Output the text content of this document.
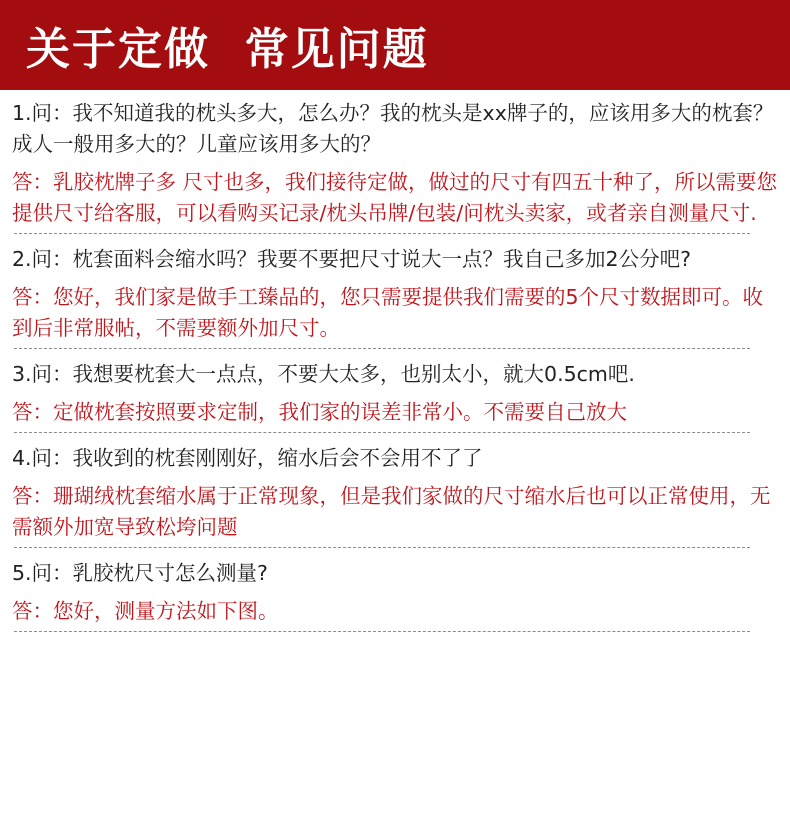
关于定做  常见问题

1.问：我不知道我的枕头多大，怎么办？我的枕头是xx牌子的，应该用多大的枕套？成人一般用多大的？儿童应该用多大的？

答：乳胶枕牌子多 尺寸也多，我们接待定做，做过的尺寸有四五十种了，所以需要您提供尺寸给客服，可以看购买记录/枕头吊牌/包装/问枕头卖家，或者亲自测量尺寸.

2.问：枕套面料会缩水吗？我要不要把尺寸说大一点？我自己多加2公分吧?

答：您好，我们家是做手工臻品的，您只需要提供我们需要的5个尺寸数据即可。收到后非常服帖，不需要额外加尺寸。

3.问：我想要枕套大一点点，不要大太多，也别太小，就大0.5cm吧.

答：定做枕套按照要求定制，我们家的误差非常小。不需要自己放大

4.问：我收到的枕套刚刚好，缩水后会不会用不了了

答：珊瑚绒枕套缩水属于正常现象，但是我们家做的尺寸缩水后也可以正常使用，无需额外加宽导致松垮问题

5.问：乳胶枕尺寸怎么测量?

答：您好，测量方法如下图。
